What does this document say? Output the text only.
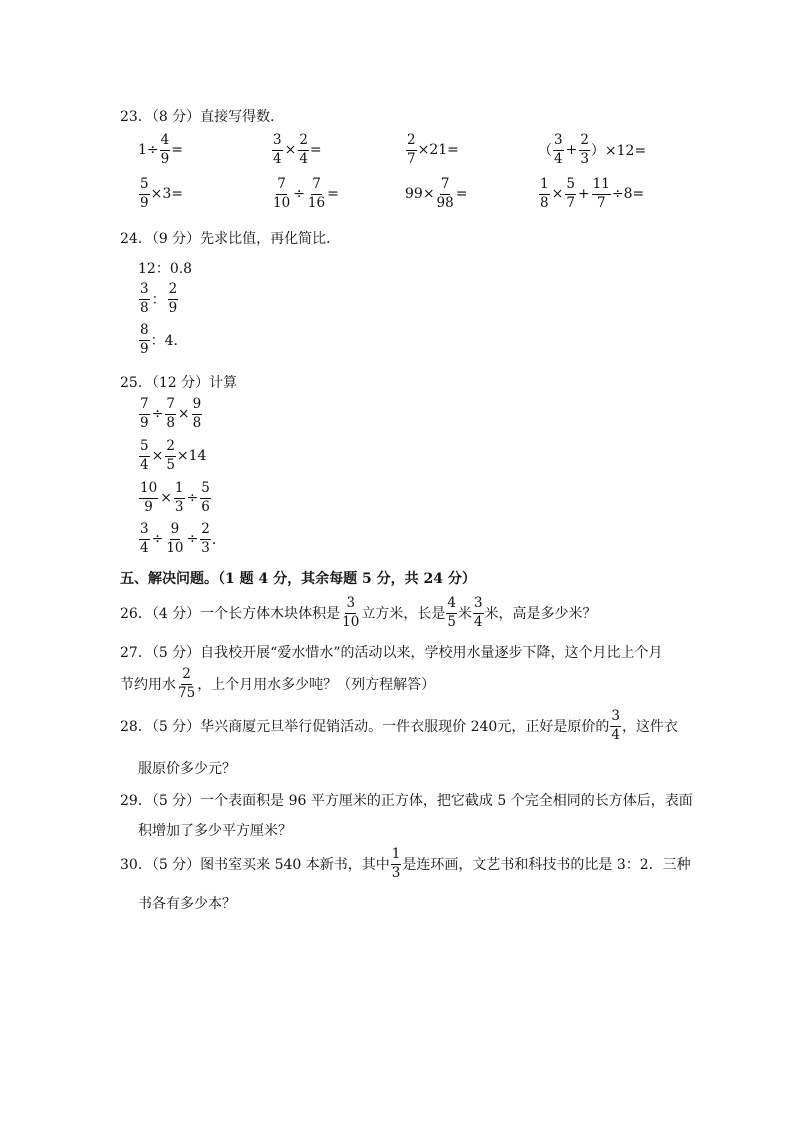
23．（8 分）直接写得数．
$1\div \frac{4}{9}$ =	$\frac{3}{4} \times \frac{2}{4}$ =	$\frac{2}{7} \times 21=$	（ $\frac{3}{4} + \frac{2}{3} )\times 12=$
$\frac{5}{9} \times 3=$	$\frac{7}{10} \div \frac{7}{16}$ =	$99\times \frac{7}{98}$ =	$\frac{1}{8} \times \frac{5}{7} + \frac{11}{7} \div 8=$
24．（9 分）先求比值，再化简比．
12：0.8
$\frac{3}{8}$ ： $\frac{2}{9}$
$\frac{8}{9}$ ：4．
25．（12 分）计算
$\frac{7}{9} \div \frac{7}{8} \times \frac{9}{8}$
$\frac{5}{4} \times \frac{2}{5} \times 14$
$\frac{10}{9} \times \frac{1}{3} \div \frac{5}{6}$
$\frac{3}{4} \div \frac{9}{10} \div \frac{2}{3}$ ．
五、解决问题。（1 题 4 分，其余每题 5 分，共 24 分）
26．（4 分）一个长方体木块体积是 $\frac{3}{10}$ 立方米，长是 $\frac{4}{5}$ 米 $\frac{3}{4}$ 米，高是多少米？
27．（5 分）自我校开展“爱水惜水”的活动以来，学校用水量逐步下降，这个月比上个月
节约用水 $\frac{2}{75}$ ，上个月用水多少吨？（列方程解答）
28．（5 分）华兴商厦元旦举行促销活动。一件衣服现价 240元，正好是原价的 $\frac{3}{4}$ ，这件衣
服原价多少元？
29．（5 分）一个表面积是 96 平方厘米的正方体，把它截成 5 个完全相同的长方体后，表面
积增加了多少平方厘米？
30．（5 分）图书室买来 540 本新书，其中 $\frac{1}{3}$ 是连环画，文艺书和科技书的比是 3：2．三种
书各有多少本？
